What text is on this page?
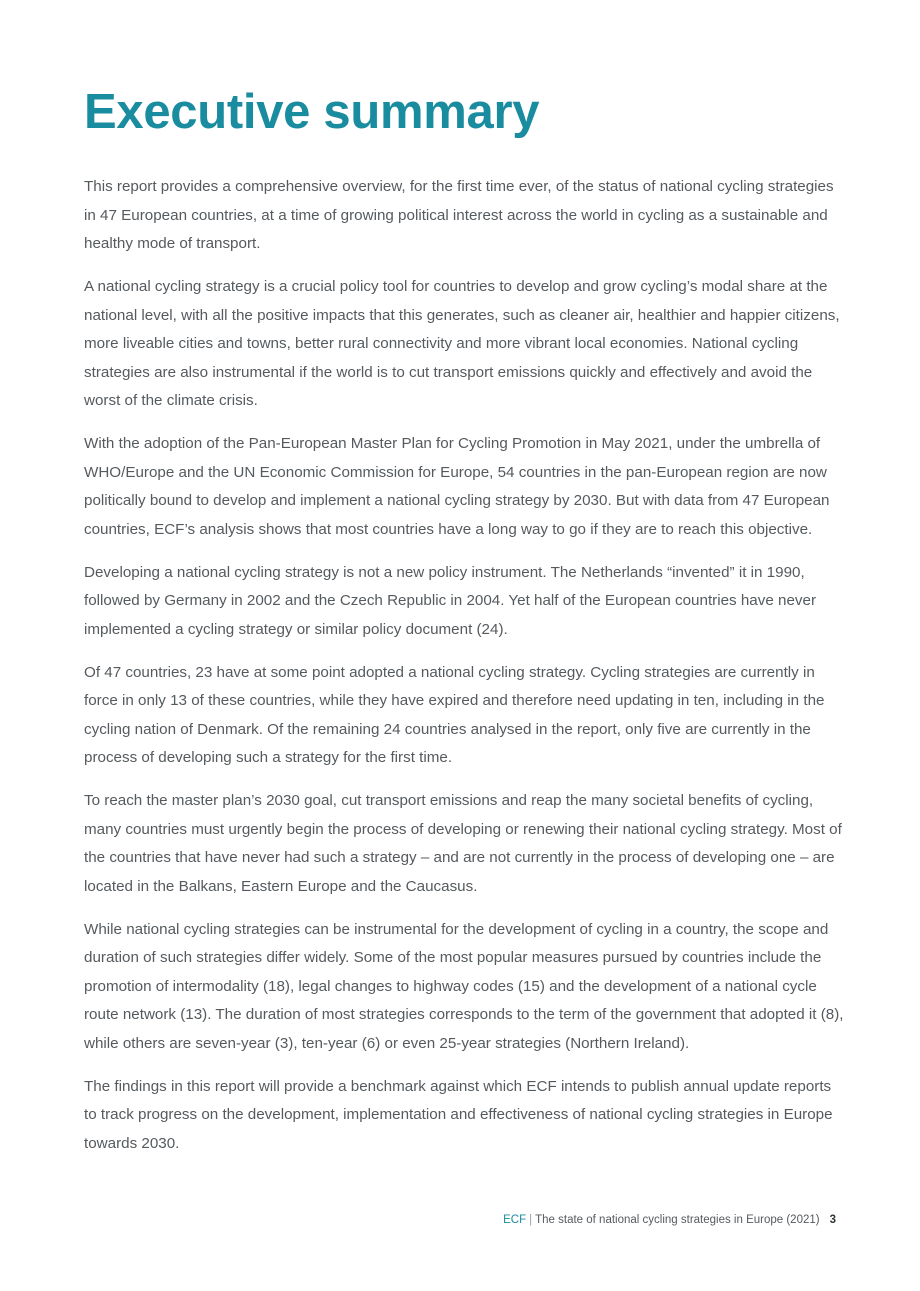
Executive summary

This report provides a comprehensive overview, for the first time ever, of the status of national cycling strategies in 47 European countries, at a time of growing political interest across the world in cycling as a sustainable and healthy mode of transport.

A national cycling strategy is a crucial policy tool for countries to develop and grow cycling’s modal share at the national level, with all the positive impacts that this generates, such as cleaner air, healthier and happier citizens, more liveable cities and towns, better rural connectivity and more vibrant local economies. National cycling strategies are also instrumental if the world is to cut transport emissions quickly and effectively and avoid the worst of the climate crisis.

With the adoption of the Pan-European Master Plan for Cycling Promotion in May 2021, under the umbrella of WHO/Europe and the UN Economic Commission for Europe, 54 countries in the pan-European region are now politically bound to develop and implement a national cycling strategy by 2030. But with data from 47 European countries, ECF’s analysis shows that most countries have a long way to go if they are to reach this objective.

Developing a national cycling strategy is not a new policy instrument. The Netherlands “invented” it in 1990, followed by Germany in 2002 and the Czech Republic in 2004. Yet half of the European countries have never implemented a cycling strategy or similar policy document (24).

Of 47 countries, 23 have at some point adopted a national cycling strategy. Cycling strategies are currently in force in only 13 of these countries, while they have expired and therefore need updating in ten, including in the cycling nation of Denmark. Of the remaining 24 countries analysed in the report, only five are currently in the process of developing such a strategy for the first time.

To reach the master plan’s 2030 goal, cut transport emissions and reap the many societal benefits of cycling, many countries must urgently begin the process of developing or renewing their national cycling strategy. Most of the countries that have never had such a strategy – and are not currently in the process of developing one – are located in the Balkans, Eastern Europe and the Caucasus.

While national cycling strategies can be instrumental for the development of cycling in a country, the scope and duration of such strategies differ widely. Some of the most popular measures pursued by countries include the promotion of intermodality (18), legal changes to highway codes (15) and the development of a national cycle route network (13). The duration of most strategies corresponds to the term of the government that adopted it (8), while others are seven-year (3), ten-year (6) or even 25-year strategies (Northern Ireland).

The findings in this report will provide a benchmark against which ECF intends to publish annual update reports to track progress on the development, implementation and effectiveness of national cycling strategies in Europe towards 2030.

ECF | The state of national cycling strategies in Europe (2021) 3
